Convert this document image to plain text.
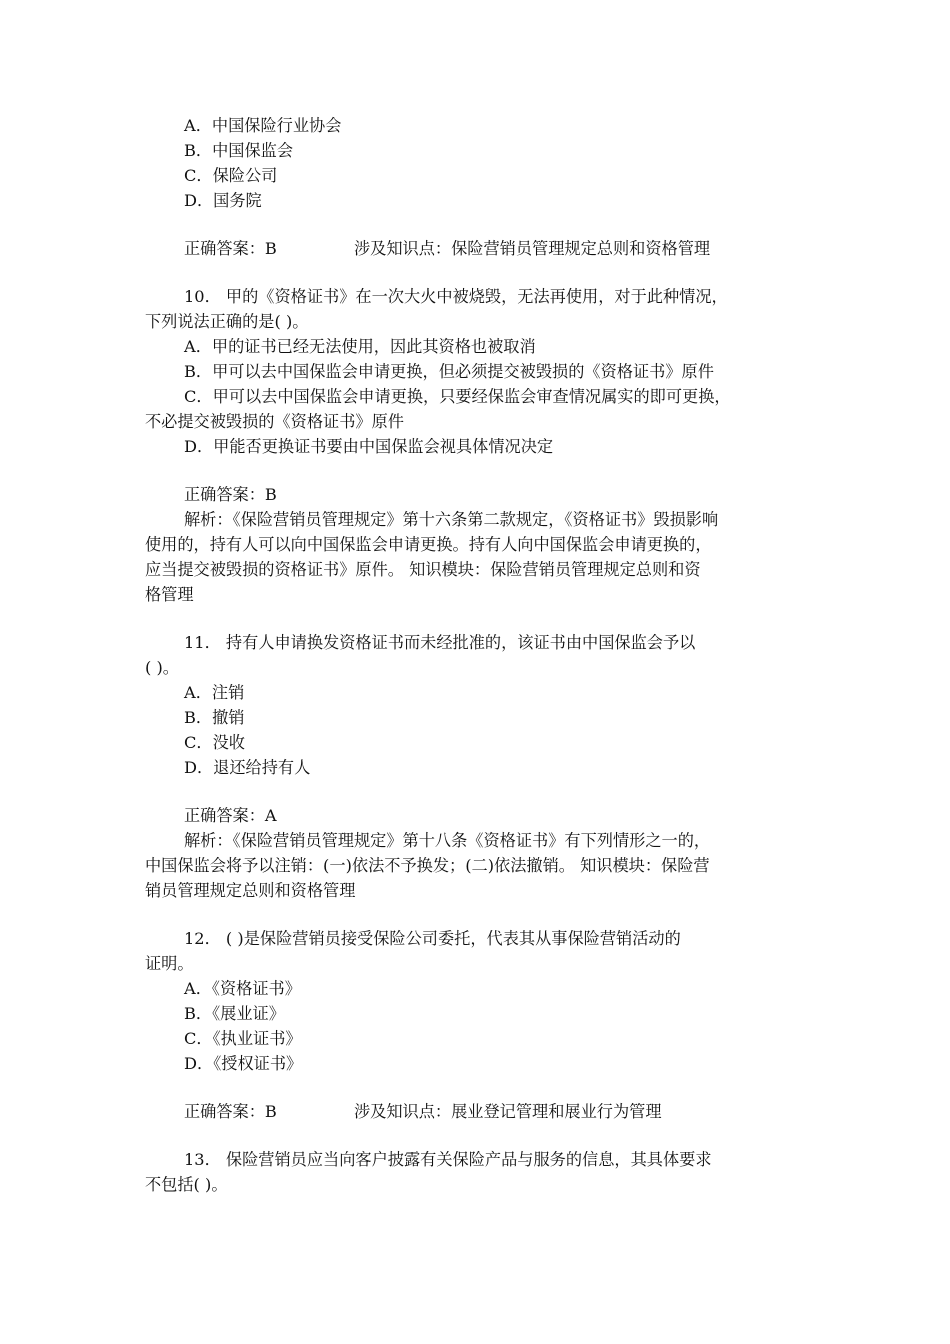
A．中国保险行业协会
B．中国保监会
C．保险公司
D．国务院
正确答案：B	涉及知识点：保险营销员管理规定总则和资格管理
10． 甲的《资格证书》在一次大火中被烧毁，无法再使用，对于此种情况，
下列说法正确的是( )。
A．甲的证书已经无法使用，因此其资格也被取消
B．甲可以去中国保监会申请更换，但必须提交被毁损的《资格证书》原件
C．甲可以去中国保监会申请更换，只要经保监会审查情况属实的即可更换，
不必提交被毁损的《资格证书》原件
D．甲能否更换证书要由中国保监会视具体情况决定
正确答案：B
解析：《保险营销员管理规定》第十六条第二款规定，《资格证书》毁损影响
使用的，持有人可以向中国保监会申请更换。持有人向中国保监会申请更换的，
应当提交被毁损的资格证书》原件。 知识模块：保险营销员管理规定总则和资
格管理
11． 持有人申请换发资格证书而未经批准的，该证书由中国保监会予以
( )。
A．注销
B．撤销
C．没收
D．退还给持有人
正确答案：A
解析：《保险营销员管理规定》第十八条《资格证书》有下列情形之一的，
中国保监会将予以注销：(一)依法不予换发；(二)依法撤销。 知识模块：保险营
销员管理规定总则和资格管理
12． ( )是保险营销员接受保险公司委托，代表其从事保险营销活动的
证明。
A．《资格证书》
B．《展业证》
C．《执业证书》
D．《授权证书》
正确答案：B	涉及知识点：展业登记管理和展业行为管理
13． 保险营销员应当向客户披露有关保险产品与服务的信息，其具体要求
不包括( )。
